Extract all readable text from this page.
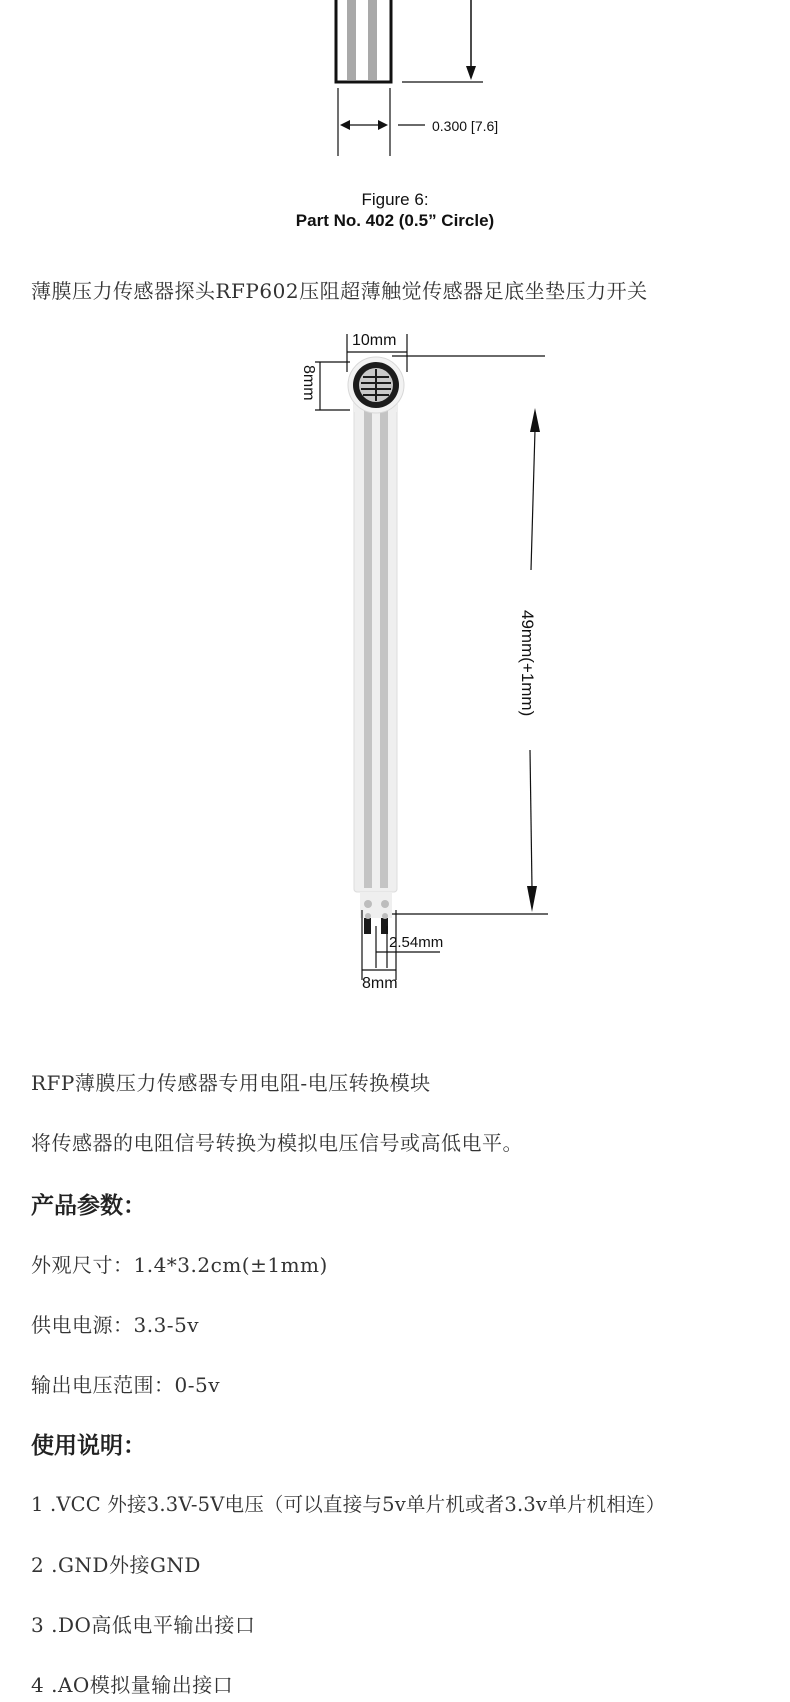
0.300 [7.6]
Figure 6:
Part No. 402 (0.5” Circle)
薄膜压力传感器探头RFP602压阻超薄触觉传感器足底坐垫压力开关
10mm
8mm
49mm(+1mm)
2.54mm
8mm
RFP薄膜压力传感器专用电阻-电压转换模块
将传感器的电阻信号转换为模拟电压信号或高低电平。
产品参数：
外观尺寸：1.4*3.2cm(±1mm)
供电电源：3.3-5v
输出电压范围：0-5v
使用说明：
1 .VCC 外接3.3V-5V电压（可以直接与5v单片机或者3.3v单片机相连）
2 .GND外接GND
3 .DO高低电平输出接口
4 .AO模拟量输出接口
